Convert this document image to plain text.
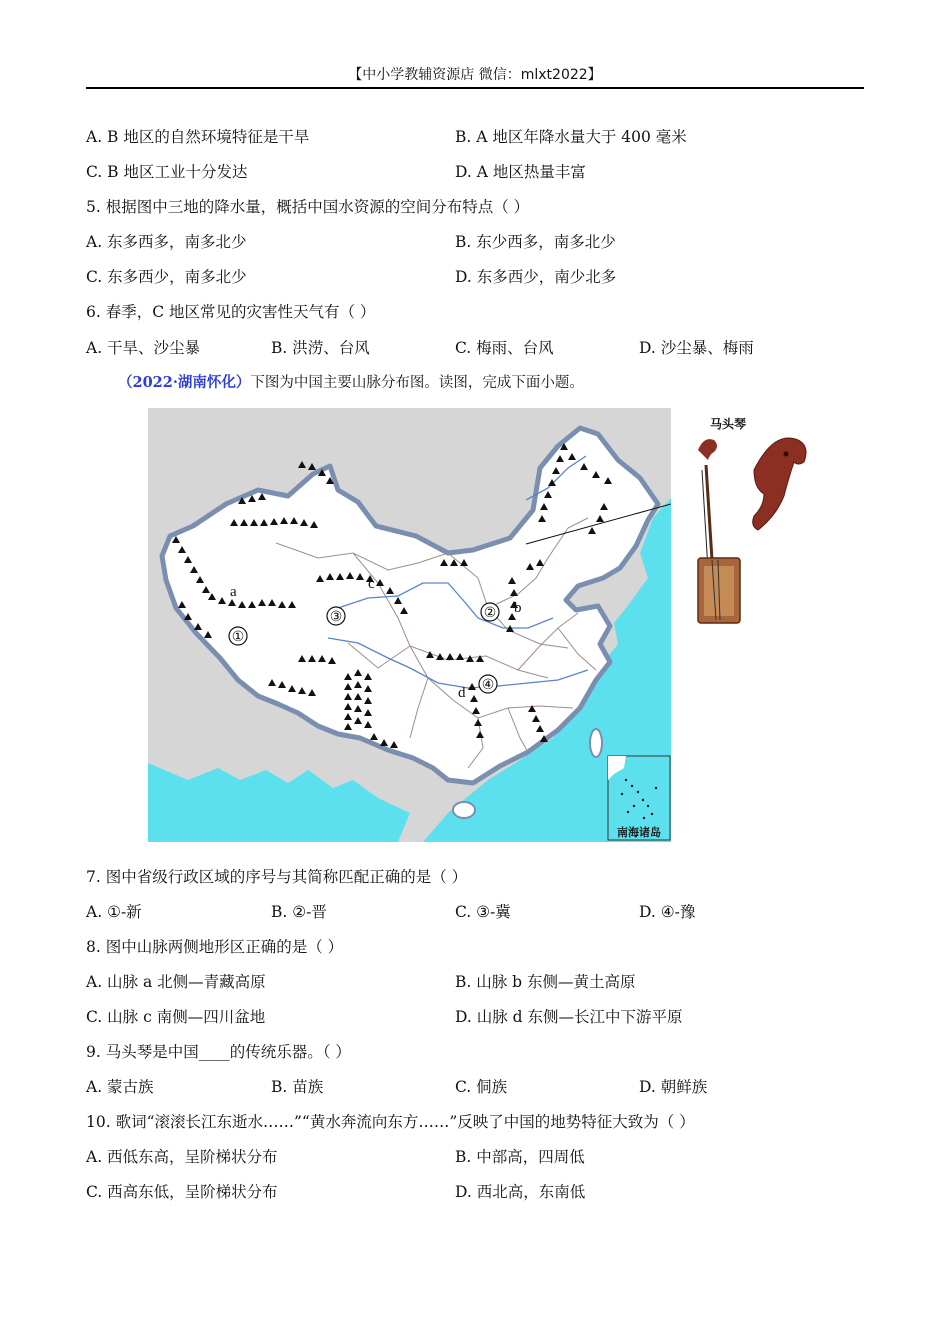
【中小学教辅资源店 微信：mlxt2022】
A. B 地区的自然环境特征是干旱	B. A 地区年降水量大于 400 毫米
C. B 地区工业十分发达	D. A 地区热量丰富
5. 根据图中三地的降水量，概括中国水资源的空间分布特点（ ）
A. 东多西多，南多北少	B. 东少西多，南多北少
C. 东多西少，南多北少	D. 东多西少，南少北多
6. 春季，C 地区常见的灾害性天气有（ ）
A. 干旱、沙尘暴	B. 洪涝、台风	C. 梅雨、台风	D. 沙尘暴、梅雨
（2022·湖南怀化）下图为中国主要山脉分布图。读图，完成下面小题。
①
②
③
④
a
b
c
d
南海诸岛
马头琴
7. 图中省级行政区域的序号与其简称匹配正确的是（ ）
A. ①-新	B. ②-晋	C. ③-冀	D. ④-豫
8. 图中山脉两侧地形区正确的是（ ）
A. 山脉 a 北侧—青藏高原	B. 山脉 b 东侧—黄土高原
C. 山脉 c 南侧—四川盆地	D. 山脉 d 东侧—长江中下游平原
9. 马头琴是中国____的传统乐器。（ ）
A. 蒙古族	B. 苗族	C. 侗族	D. 朝鲜族
10. 歌词“滚滚长江东逝水……”“黄水奔流向东方……”反映了中国的地势特征大致为（ ）
A. 西低东高，呈阶梯状分布	B. 中部高，四周低
C. 西高东低，呈阶梯状分布	D. 西北高，东南低
